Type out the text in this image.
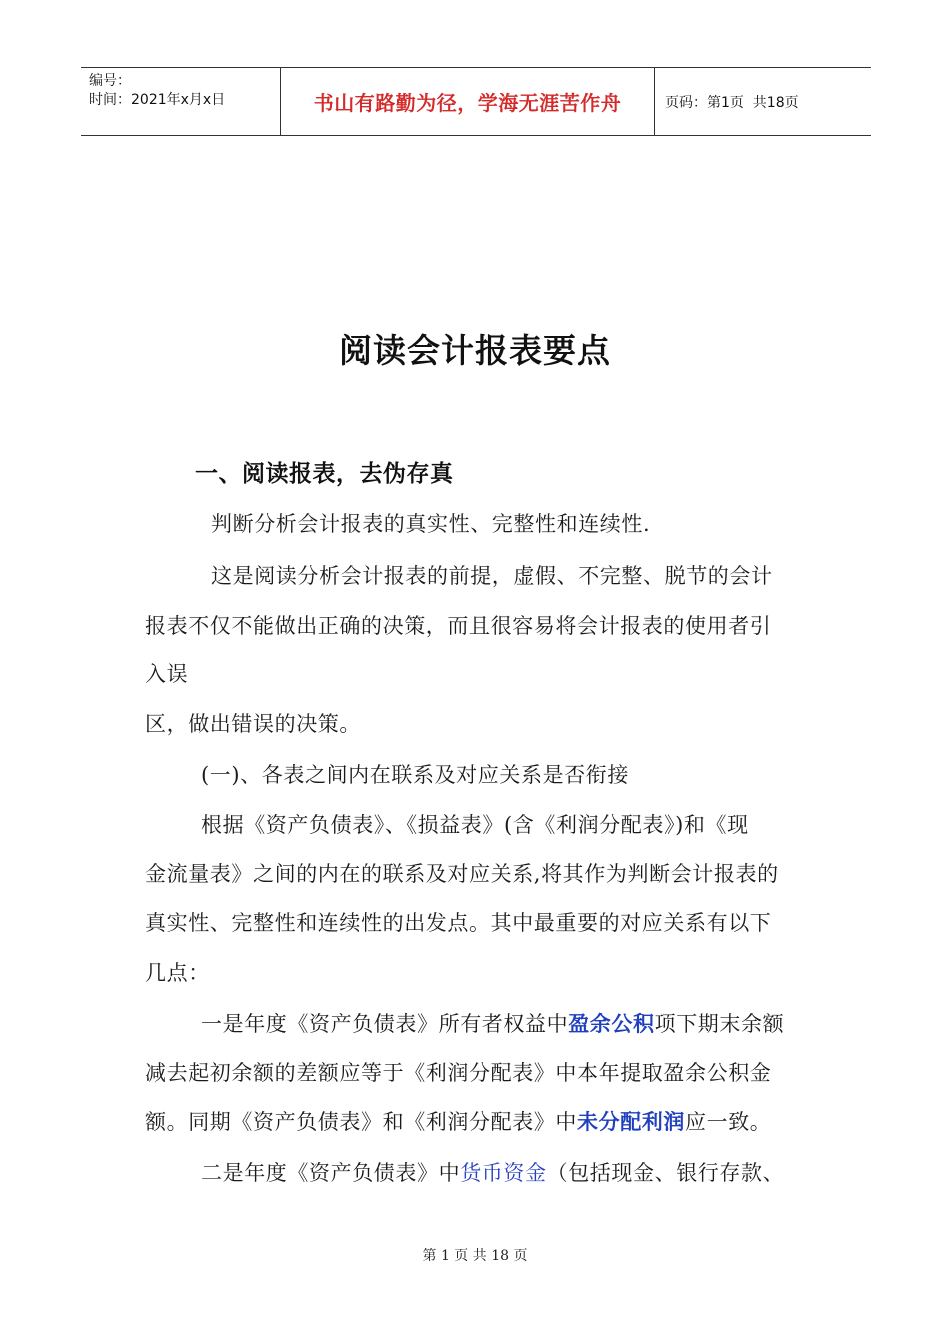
编号：
时间：2021年x月x日	书山有路勤为径，学海无涯苦作舟	页码：第1页  共18页
阅读会计报表要点
一、阅读报表，去伪存真
判断分析会计报表的真实性、完整性和连续性.
这是阅读分析会计报表的前提，虚假、不完整、脱节的会计
报表不仅不能做出正确的决策，而且很容易将会计报表的使用者引
入误
区，做出错误的决策。
(一)、各表之间内在联系及对应关系是否衔接
根据《资产负债表》、《损益表》(含《利润分配表》)和《现
金流量表》之间的内在的联系及对应关系,将其作为判断会计报表的
真实性、完整性和连续性的出发点。其中最重要的对应关系有以下
几点：
一是年度《资产负债表》所有者权益中盈余公积项下期末余额
减去起初余额的差额应等于《利润分配表》中本年提取盈余公积金
额。同期《资产负债表》和《利润分配表》中未分配利润应一致。
二是年度《资产负债表》中货币资金（包括现金、银行存款、
第 1 页 共 18 页
